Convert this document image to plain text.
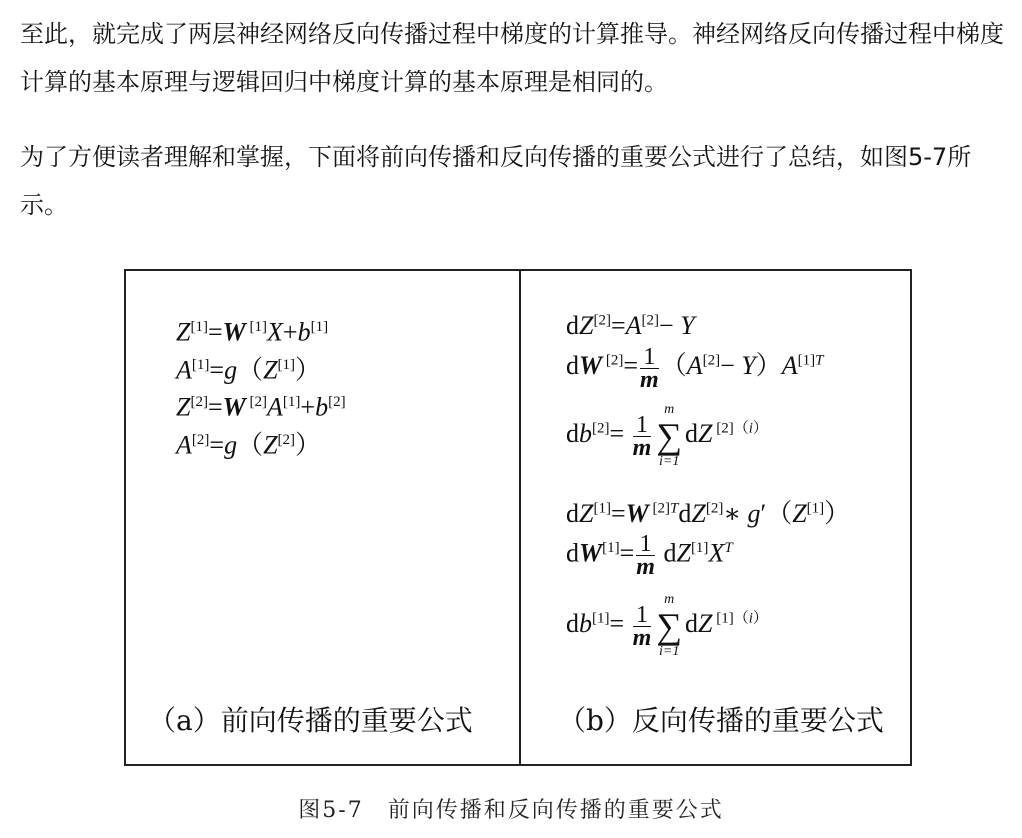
至此，就完成了两层神经网络反向传播过程中梯度的计算推导。神经网络反向传播过程中梯度计算的基本原理与逻辑回归中梯度计算的基本原理是相同的。

为了方便读者理解和掌握，下面将前向传播和反向传播的重要公式进行了总结，如图5-7所示。

Z[1]=W [1]X+b[1]
A[1]=g（Z[1]）
Z[2]=W [2]A[1]+b[2]
A[2]=g（Z[2]）
（a）前向传播的重要公式
dZ[2]=A[2]− Y
dW $[2]= \frac{1}{m} (A[2]- Y)A^{[1]T}$
$db[2]= \frac{1}{m}$
m
∑
i=1
dZ $^{[2](i)}$
dZ[1]=W $^{[2]T}$dZ[2]∗ g′（Z[1]）
$dW[1]= \frac{1}{m} dZ[1]X^T$
$db[1]= \frac{1}{m}$
m
∑
i=1
dZ $^{[1](i)}$
（b）反向传播的重要公式
图5-7　前向传播和反向传播的重要公式
